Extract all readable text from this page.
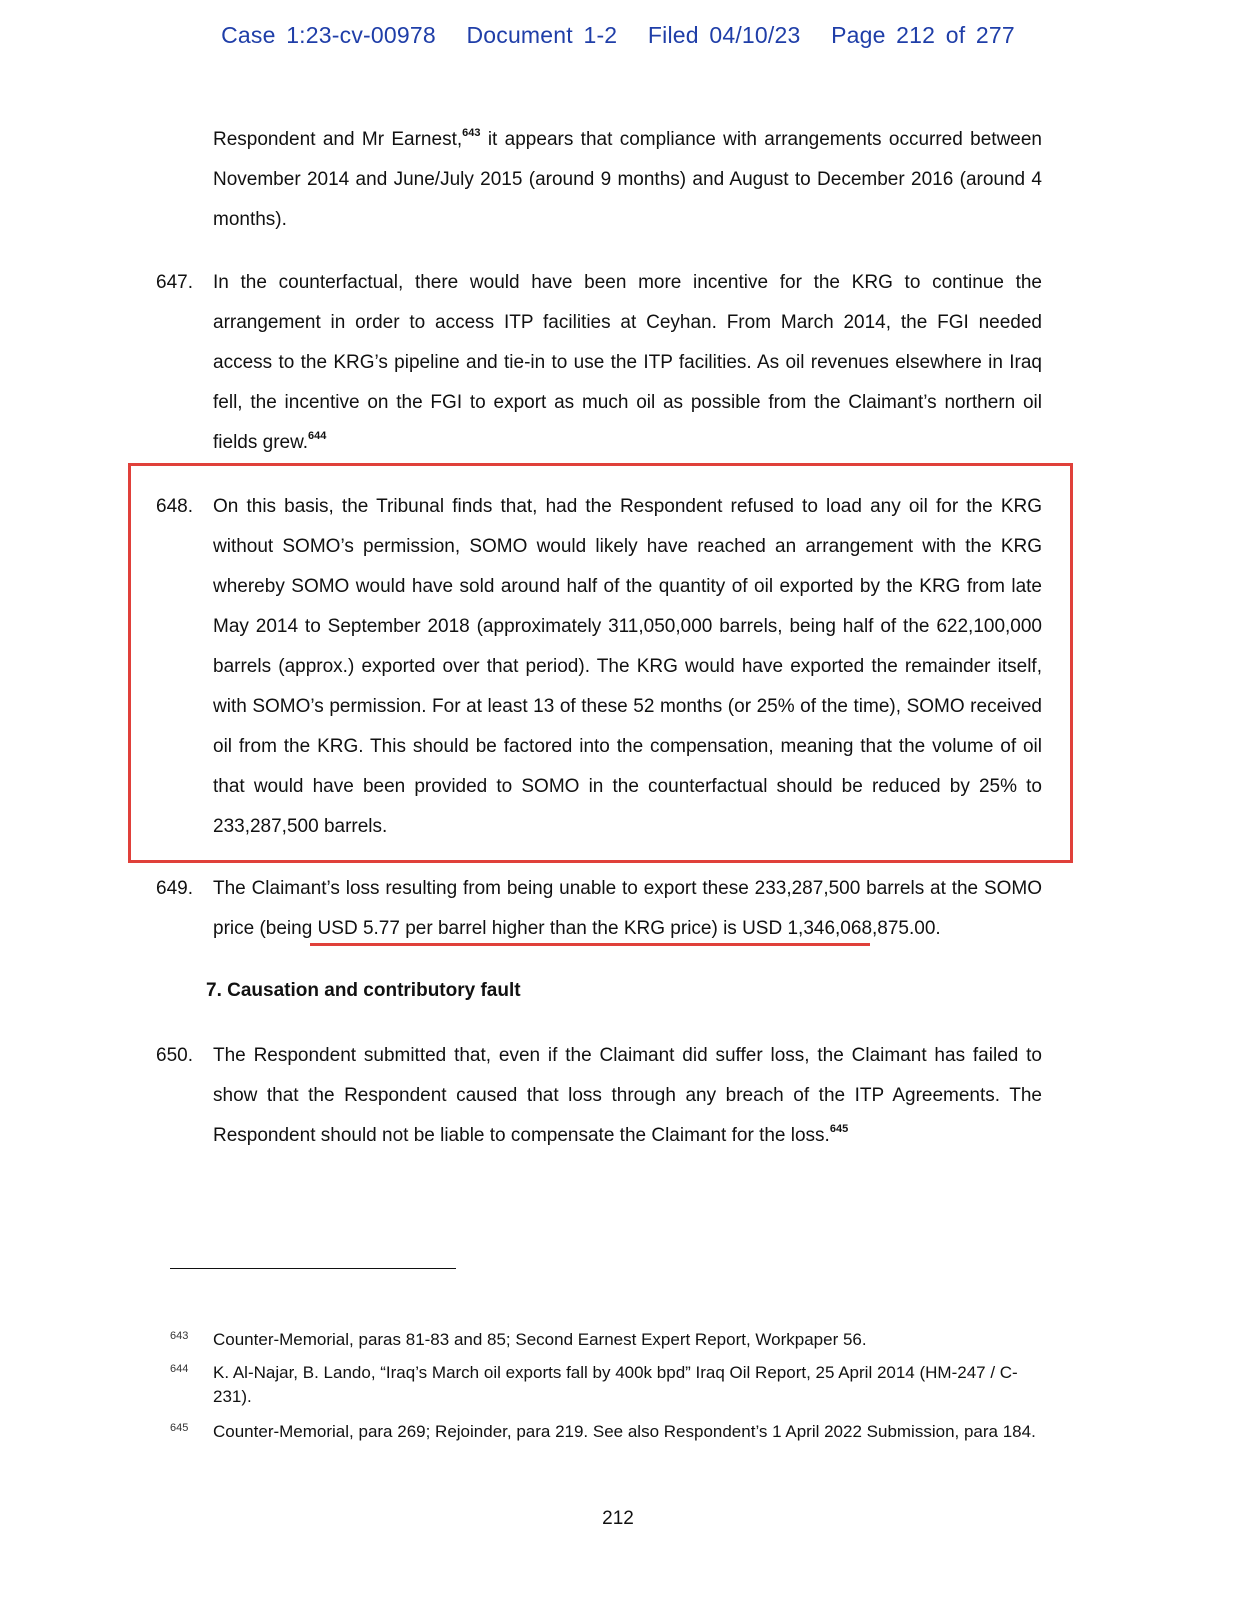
Case 1:23-cv-00978 Document 1-2 Filed 04/10/23 Page 212 of 277
Respondent and Mr Earnest,$^{643}$ it appears that compliance with arrangements occurred between November 2014 and June/July 2015 (around 9 months) and August to December 2016 (around 4 months).
647.	In the counterfactual, there would have been more incentive for the KRG to continue the arrangement in order to access ITP facilities at Ceyhan. From March 2014, the FGI needed access to the KRG’s pipeline and tie-in to use the ITP facilities. As oil revenues elsewhere in Iraq fell, the incentive on the FGI to export as much oil as possible from the Claimant’s northern oil fields grew.$^{644}$
648.	On this basis, the Tribunal finds that, had the Respondent refused to load any oil for the KRG without SOMO’s permission, SOMO would likely have reached an arrangement with the KRG whereby SOMO would have sold around half of the quantity of oil exported by the KRG from late May 2014 to September 2018 (approximately 311,050,000 barrels, being half of the 622,100,000 barrels (approx.) exported over that period). The KRG would have exported the remainder itself, with SOMO’s permission. For at least 13 of these 52 months (or 25% of the time), SOMO received oil from the KRG. This should be factored into the compensation, meaning that the volume of oil that would have been provided to SOMO in the counterfactual should be reduced by 25% to 233,287,500 barrels.
649.	The Claimant’s loss resulting from being unable to export these 233,287,500 barrels at the SOMO price (being USD 5.77 per barrel higher than the KRG price) is USD 1,346,068,875.00.
7. Causation and contributory fault
650.	The Respondent submitted that, even if the Claimant did suffer loss, the Claimant has failed to show that the Respondent caused that loss through any breach of the ITP Agreements. The Respondent should not be liable to compensate the Claimant for the loss.$^{645}$
643 Counter-Memorial, paras 81-83 and 85; Second Earnest Expert Report, Workpaper 56.
644 K. Al-Najar, B. Lando, “Iraq’s March oil exports fall by 400k bpd” Iraq Oil Report, 25 April 2014 (HM-247 / C-231).
645 Counter-Memorial, para 269; Rejoinder, para 219. See also Respondent’s 1 April 2022 Submission, para 184.
212
